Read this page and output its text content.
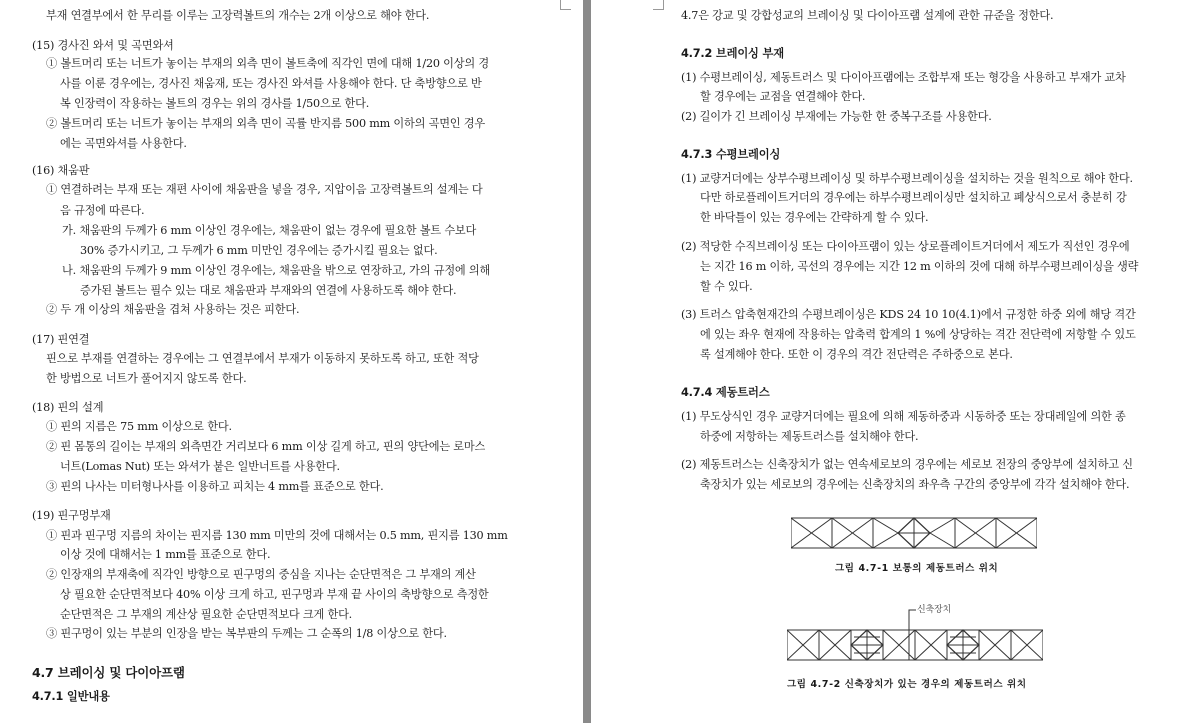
부재 연결부에서 한 무리를 이루는 고장력볼트의 개수는 2개 이상으로 해야 한다.
(15) 경사진 와셔 및 곡면와셔
① 볼트머리 또는 너트가 놓이는 부재의 외측 면이 볼트축에 직각인 면에 대해 1/20 이상의 경
사를 이룬 경우에는, 경사진 채움재, 또는 경사진 와셔를 사용해야 한다. 단 축방향으로 반
복 인장력이 작용하는 볼트의 경우는 위의 경사를 1/50으로 한다.
② 볼트머리 또는 너트가 놓이는 부재의 외측 면이 곡률 반지름 500 mm 이하의 곡면인 경우
에는 곡면와셔를 사용한다.
(16) 채움판
① 연결하려는 부재 또는 재편 사이에 채움판을 넣을 경우, 지압이음 고장력볼트의 설계는 다
음 규정에 따른다.
가. 채움판의 두께가 6 mm 이상인 경우에는, 채움판이 없는 경우에 필요한 볼트 수보다
30% 증가시키고, 그 두께가 6 mm 미만인 경우에는 증가시킬 필요는 없다.
나. 채움판의 두께가 9 mm 이상인 경우에는, 채움판을 밖으로 연장하고, 가의 규정에 의해
증가된 볼트는 필수 있는 대로 채움판과 부재와의 연결에 사용하도록 해야 한다.
② 두 개 이상의 채움판을 겹쳐 사용하는 것은 피한다.
(17) 핀연결
핀으로 부재를 연결하는 경우에는 그 연결부에서 부재가 이동하지 못하도록 하고, 또한 적당
한 방법으로 너트가 풀어지지 않도록 한다.
(18) 핀의 설계
① 핀의 지름은 75 mm 이상으로 한다.
② 핀 몸통의 길이는 부재의 외측면간 거리보다 6 mm 이상 길게 하고, 핀의 양단에는 로마스
너트(Lomas Nut) 또는 와셔가 붙은 일반너트를 사용한다.
③ 핀의 나사는 미터형나사를 이용하고 피치는 4 mm를 표준으로 한다.
(19) 핀구멍부재
① 핀과 핀구멍 지름의 차이는 핀지름 130 mm 미만의 것에 대해서는 0.5 mm, 핀지름 130 mm
이상 것에 대해서는 1 mm를 표준으로 한다.
② 인장재의 부재축에 직각인 방향으로 핀구멍의 중심을 지나는 순단면적은 그 부재의 계산
상 필요한 순단면적보다 40% 이상 크게 하고, 핀구멍과 부재 끝 사이의 축방향으로 측정한
순단면적은 그 부재의 계산상 필요한 순단면적보다 크게 한다.
③ 핀구멍이 있는 부분의 인장을 받는 복부판의 두께는 그 순폭의 1/8 이상으로 한다.
4.7 브레이싱 및 다이아프램
4.7.1 일반내용
4.7은 강교 및 강합성교의 브레이싱 및 다이아프램 설계에 관한 규준을 정한다.
4.7.2 브레이싱 부재
(1) 수평브레이싱, 제동트러스 및 다이아프램에는 조합부재 또는 형강을 사용하고 부재가 교차
할 경우에는 교점을 연결해야 한다.
(2) 길이가 긴 브레이싱 부재에는 가능한 한 중복구조를 사용한다.
4.7.3 수평브레이싱
(1) 교량거더에는 상부수평브레이싱 및 하부수평브레이싱을 설치하는 것을 원칙으로 해야 한다.
다만 하로플레이트거더의 경우에는 하부수평브레이싱만 설치하고 폐상식으로서 충분히 강
한 바닥틀이 있는 경우에는 간략하게 할 수 있다.
(2) 적당한 수직브레이싱 또는 다이아프램이 있는 상로플레이트거더에서 제도가 직선인 경우에
는 지간 16 m 이하, 곡선의 경우에는 지간 12 m 이하의 것에 대해 하부수평브레이싱을 생략
할 수 있다.
(3) 트러스 압축현재간의 수평브레이싱은 KDS 24 10 10(4.1)에서 규정한 하중 외에 해당 격간
에 있는 좌우 현재에 작용하는 압축력 합계의 1 %에 상당하는 격간 전단력에 저항할 수 있도
록 설계해야 한다. 또한 이 경우의 격간 전단력은 주하중으로 본다.
4.7.4 제동트러스
(1) 무도상식인 경우 교량거더에는 필요에 의해 제동하중과 시동하중 또는 장대레일에 의한 종
하중에 저항하는 제동트러스를 설치해야 한다.
(2) 제동트러스는 신축장치가 없는 연속세로보의 경우에는 세로보 전장의 중앙부에 설치하고 신
축장치가 있는 세로보의 경우에는 신축장치의 좌우측 구간의 중앙부에 각각 설치해야 한다.
그림 4.7-1 보통의 제동트러스 위치
신축장치
그림 4.7-2 신축장치가 있는 경우의 제동트러스 위치
